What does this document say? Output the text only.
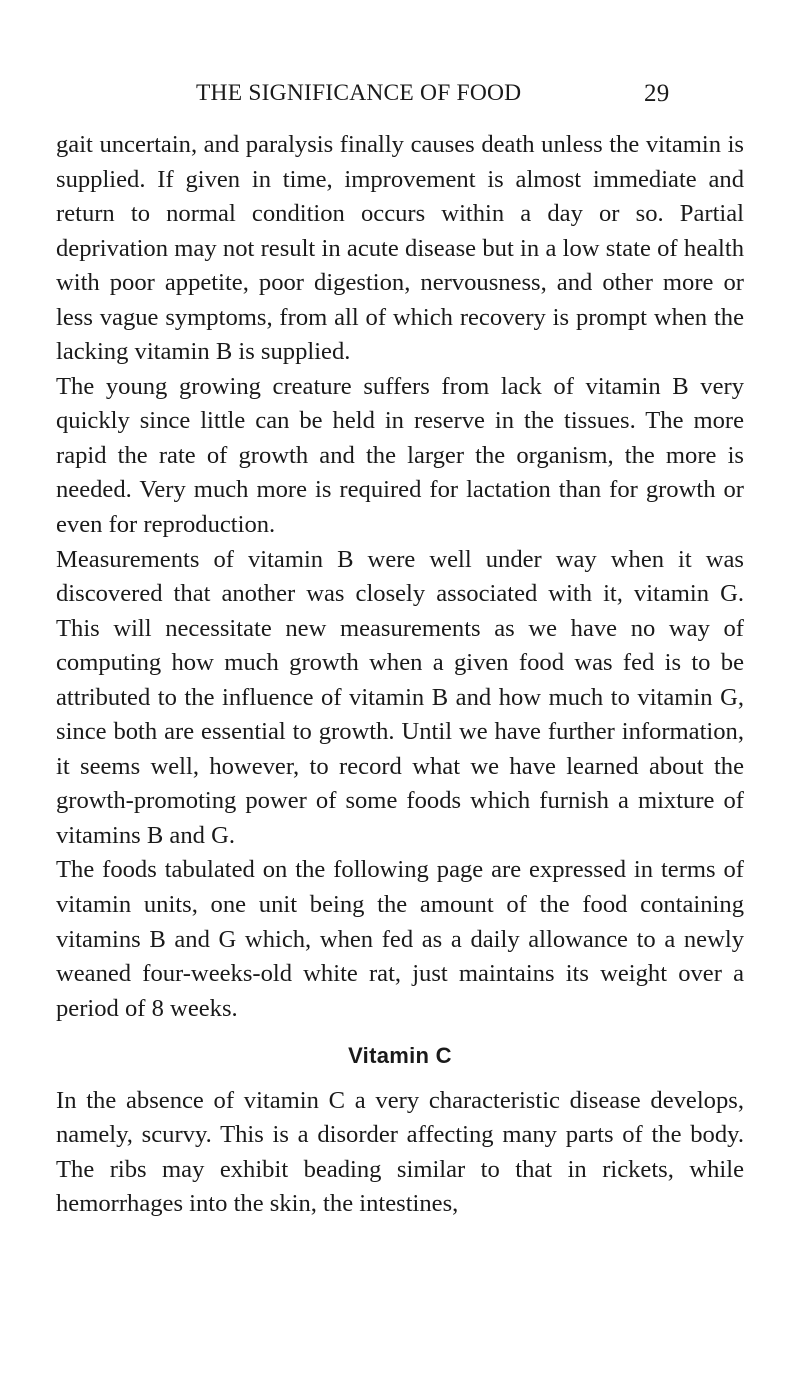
THE SIGNIFICANCE OF FOOD	29

gait uncertain, and paralysis finally causes death unless the vitamin is supplied. If given in time, improvement is almost immediate and return to normal condition occurs within a day or so. Partial deprivation may not result in acute disease but in a low state of health with poor appetite, poor digestion, nervousness, and other more or less vague symptoms, from all of which recovery is prompt when the lacking vitamin B is supplied.

The young growing creature suffers from lack of vitamin B very quickly since little can be held in reserve in the tissues. The more rapid the rate of growth and the larger the organism, the more is needed. Very much more is required for lactation than for growth or even for reproduction.

Measurements of vitamin B were well under way when it was discovered that another was closely associated with it, vitamin G. This will necessitate new measurements as we have no way of computing how much growth when a given food was fed is to be attributed to the influence of vitamin B and how much to vitamin G, since both are essential to growth. Until we have further information, it seems well, however, to record what we have learned about the growth-promoting power of some foods which furnish a mixture of vitamins B and G.

The foods tabulated on the following page are expressed in terms of vitamin units, one unit being the amount of the food containing vitamins B and G which, when fed as a daily allowance to a newly weaned four-weeks-old white rat, just maintains its weight over a period of 8 weeks.

Vitamin C

In the absence of vitamin C a very characteristic disease develops, namely, scurvy. This is a disorder affecting many parts of the body. The ribs may exhibit beading similar to that in rickets, while hemorrhages into the skin, the intestines,
